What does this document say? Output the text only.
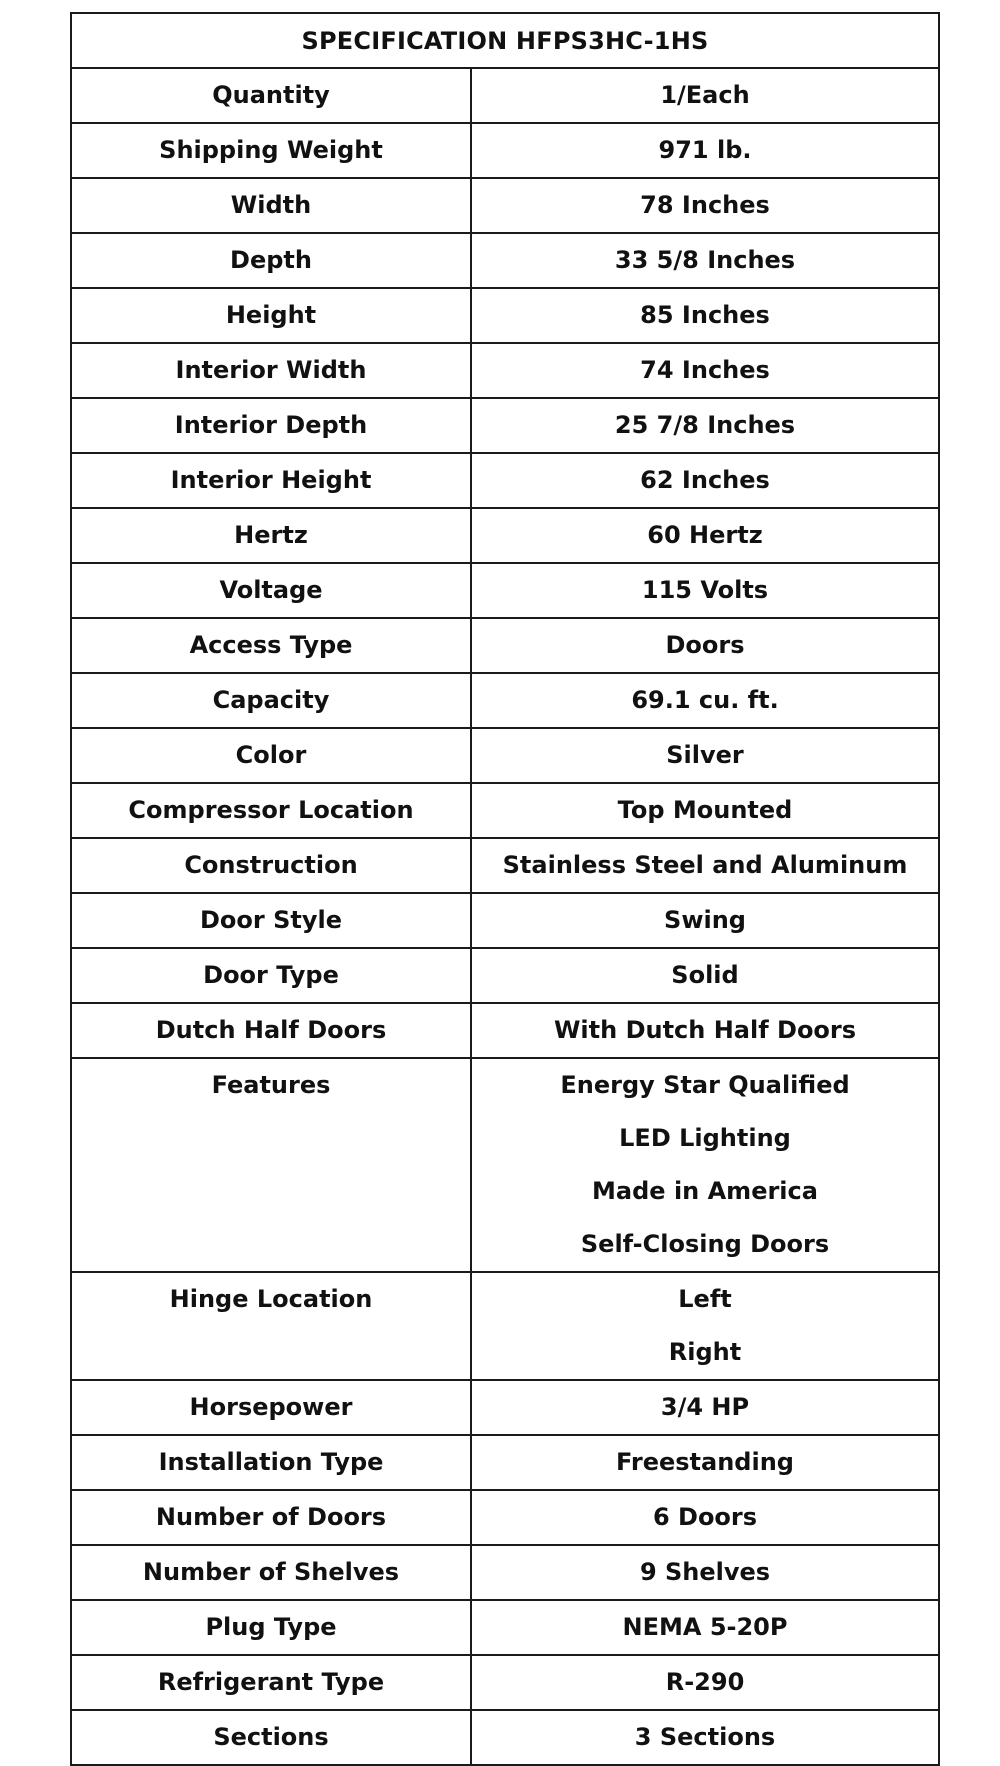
SPECIFICATION HFPS3HC-1HS	

Quantity	1/Each

Shipping Weight	971 lb.

Width	78 Inches

Depth	33 5/8 Inches

Height	85 Inches

Interior Width	74 Inches

Interior Depth	25 7/8 Inches

Interior Height	62 Inches

Hertz	60 Hertz

Voltage	115 Volts

Access Type	Doors

Capacity	69.1 cu. ft.

Color	Silver

Compressor Location	Top Mounted

Construction	Stainless Steel and Aluminum

Door Style	Swing

Door Type	Solid

Dutch Half Doors	With Dutch Half Doors

Features	Energy Star Qualified
LED Lighting
Made in America
Self-Closing Doors

Hinge Location	Left
Right

Horsepower	3/4 HP

Installation Type	Freestanding

Number of Doors	6 Doors

Number of Shelves	9 Shelves

Plug Type	NEMA 5-20P

Refrigerant Type	R-290

Sections	3 Sections
